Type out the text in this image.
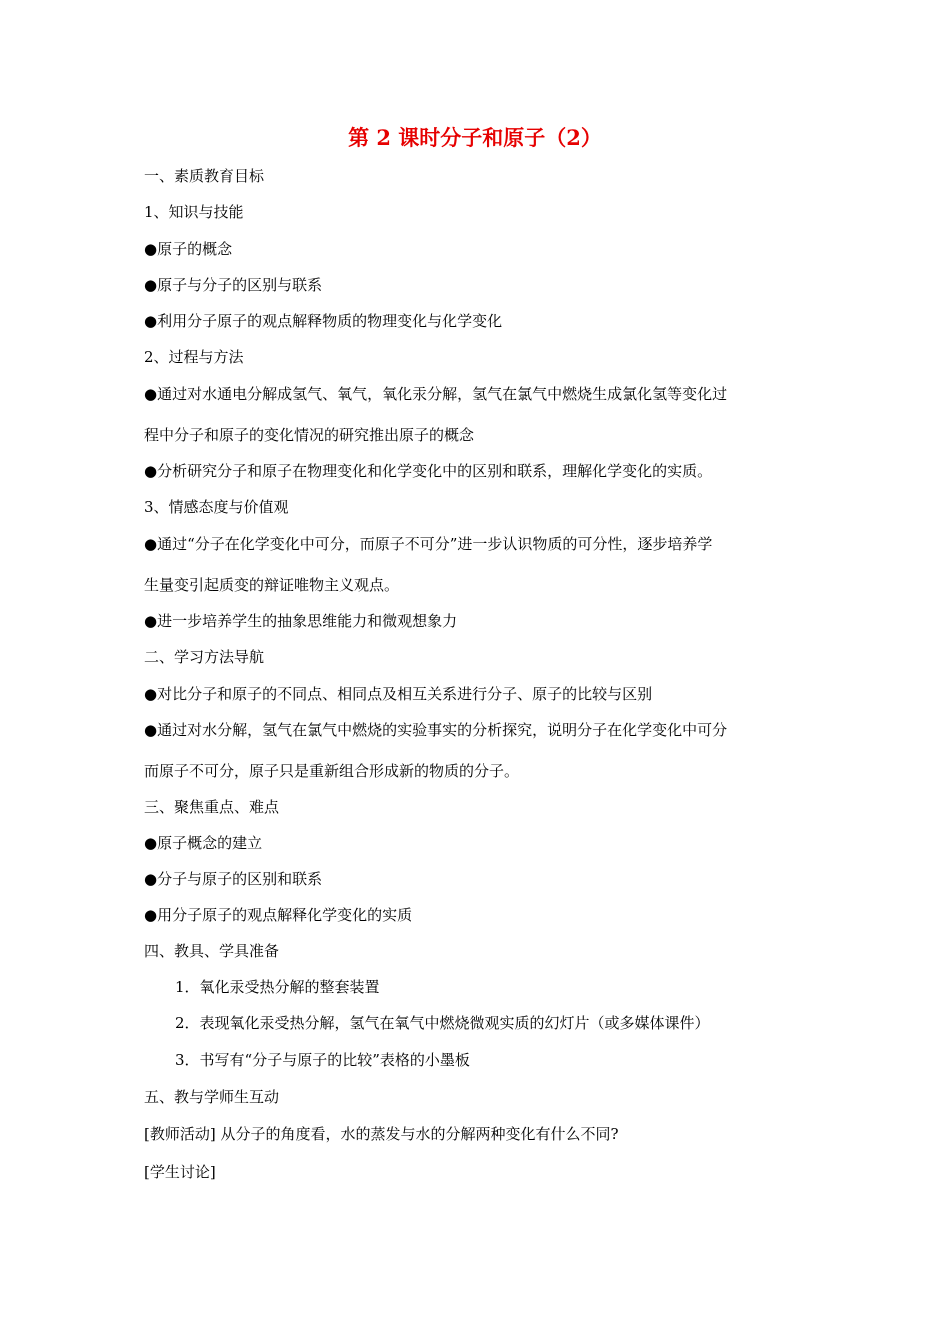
第 2 课时分子和原子（2）
一、素质教育目标
1、知识与技能
●原子的概念
●原子与分子的区别与联系
●利用分子原子的观点解释物质的物理变化与化学变化
2、过程与方法
●通过对水通电分解成氢气、氧气，氧化汞分解，氢气在氯气中燃烧生成氯化氢等变化过
程中分子和原子的变化情况的研究推出原子的概念
●分析研究分子和原子在物理变化和化学变化中的区别和联系，理解化学变化的实质。
3、情感态度与价值观
●通过“分子在化学变化中可分，而原子不可分”进一步认识物质的可分性，逐步培养学
生量变引起质变的辩证唯物主义观点。
●进一步培养学生的抽象思维能力和微观想象力
二、学习方法导航
●对比分子和原子的不同点、相同点及相互关系进行分子、原子的比较与区别
●通过对水分解，氢气在氯气中燃烧的实验事实的分析探究，说明分子在化学变化中可分
而原子不可分，原子只是重新组合形成新的物质的分子。
三、聚焦重点、难点
●原子概念的建立
●分子与原子的区别和联系
●用分子原子的观点解释化学变化的实质
四、教具、学具准备
1．氧化汞受热分解的整套装置
2．表现氧化汞受热分解，氢气在氧气中燃烧微观实质的幻灯片（或多媒体课件）
3．书写有“分子与原子的比较”表格的小墨板
五、教与学师生互动
[教师活动] 从分子的角度看，水的蒸发与水的分解两种变化有什么不同?
[学生讨论]
